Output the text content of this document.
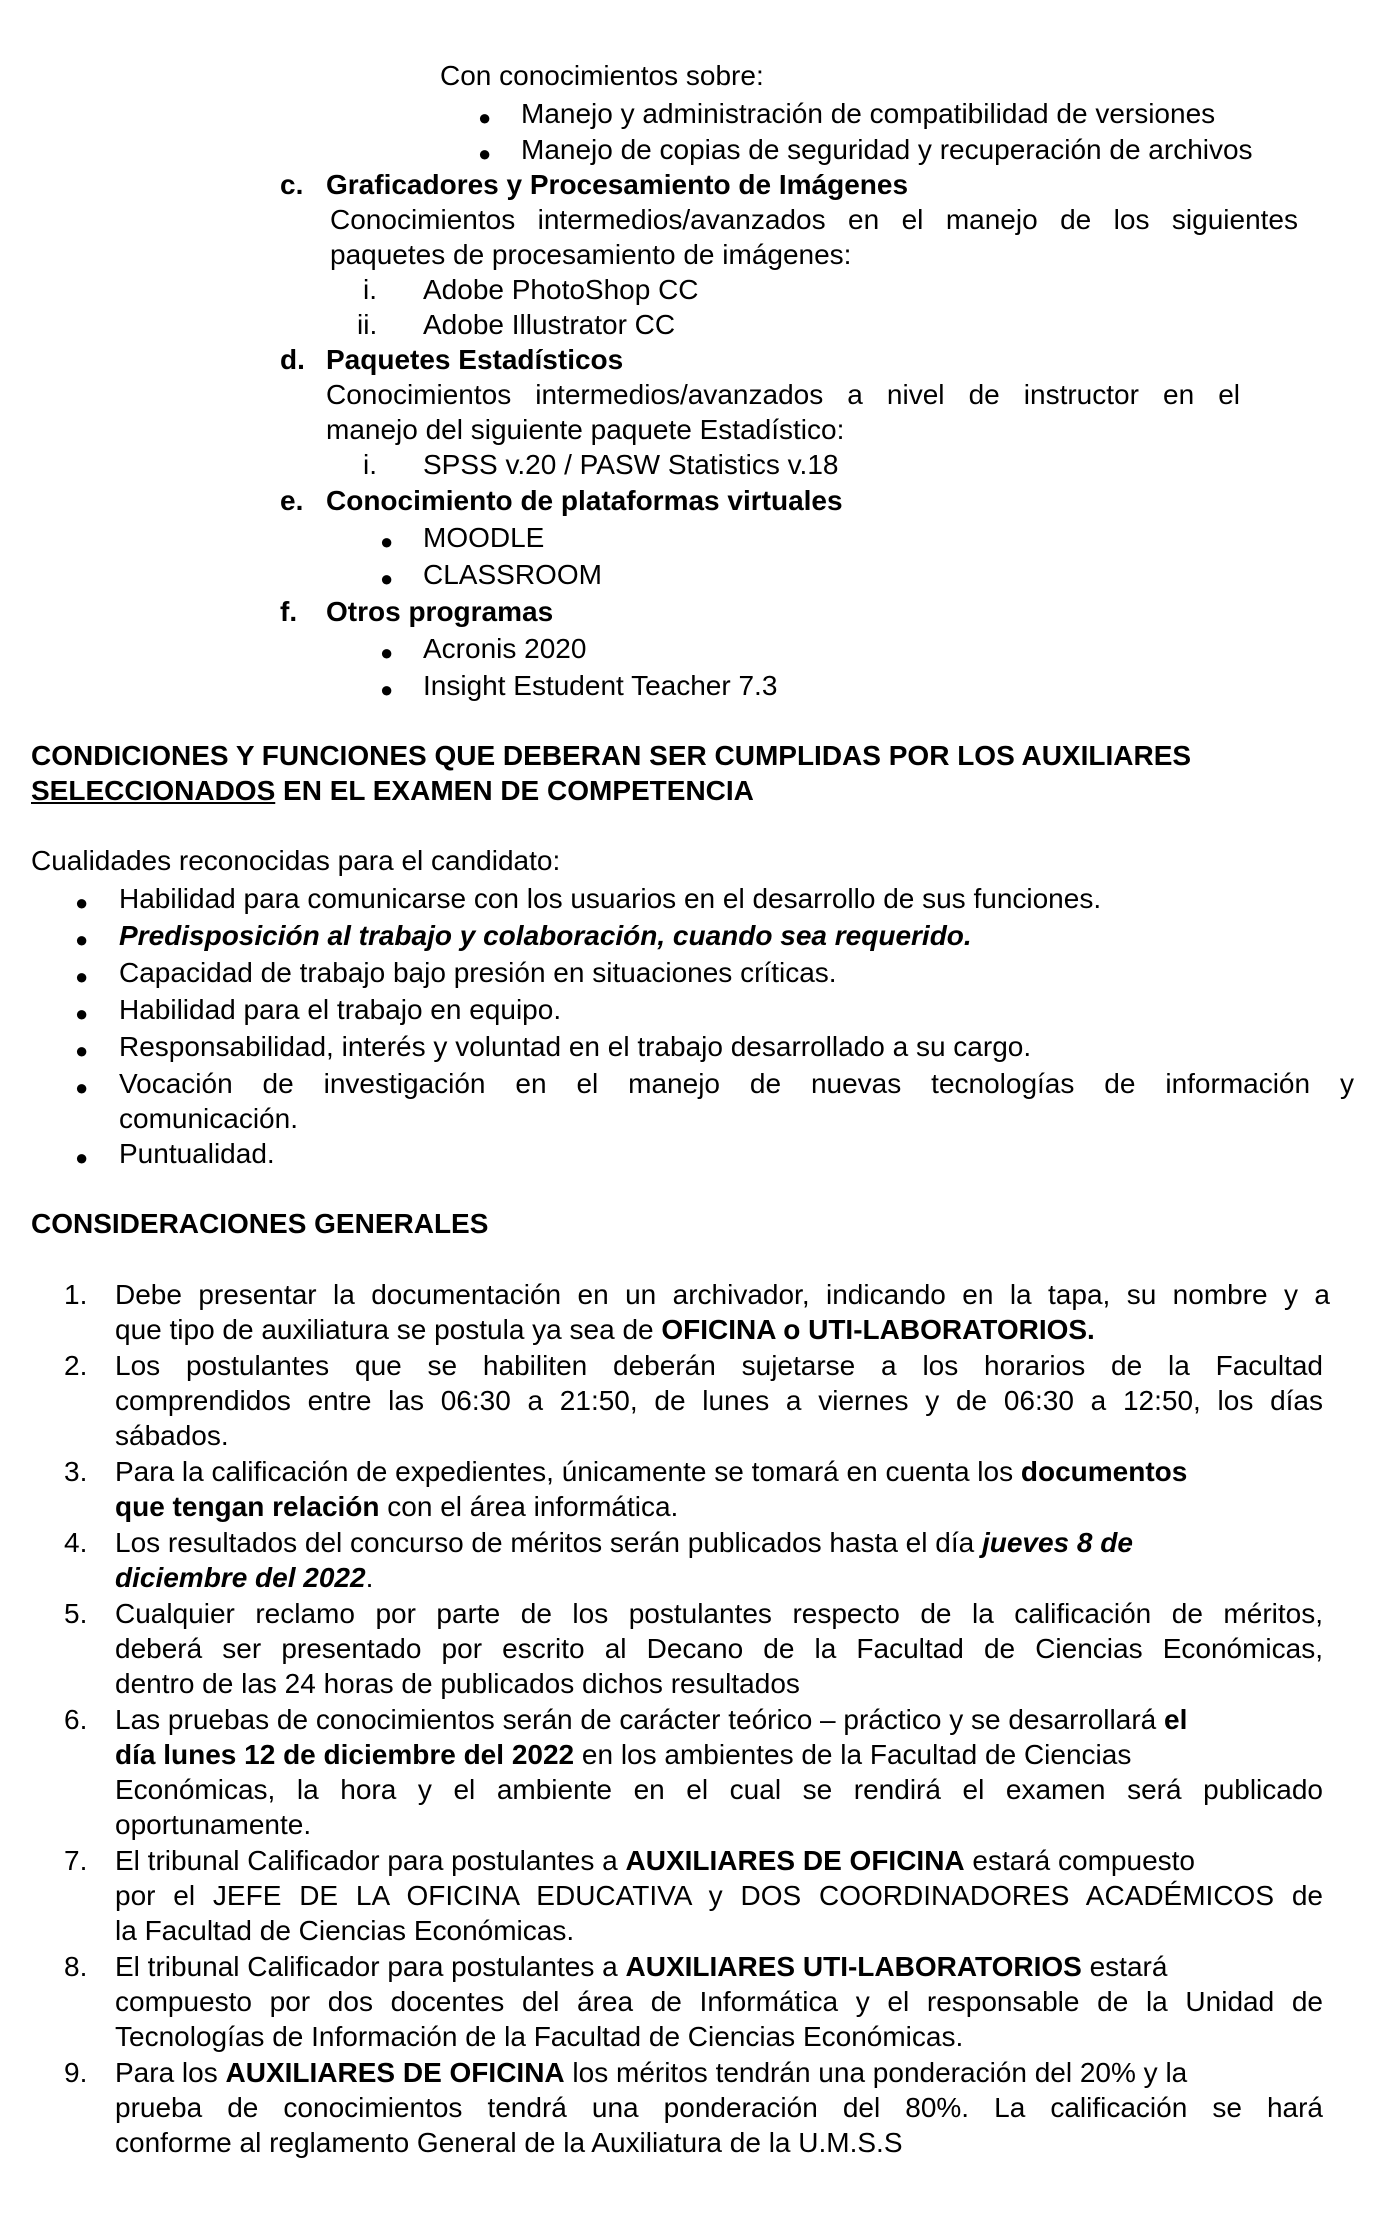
Con conocimientos sobre:
● Manejo y administración de compatibilidad de versiones
● Manejo de copias de seguridad y recuperación de archivos
c. Graficadores y Procesamiento de Imágenes
Conocimientos intermedios/avanzados en el manejo de los siguientes
paquetes de procesamiento de imágenes:
i. Adobe PhotoShop CC
ii. Adobe Illustrator CC
d. Paquetes Estadísticos
Conocimientos intermedios/avanzados a nivel de instructor en el
manejo del siguiente paquete Estadístico:
i. SPSS v.20 / PASW Statistics v.18
e. Conocimiento de plataformas virtuales
● MOODLE
● CLASSROOM
f. Otros programas
● Acronis 2020
● Insight Estudent Teacher 7.3
CONDICIONES Y FUNCIONES QUE DEBERAN SER CUMPLIDAS POR LOS AUXILIARES
SELECCIONADOS EN EL EXAMEN DE COMPETENCIA
Cualidades reconocidas para el candidato:
● Habilidad para comunicarse con los usuarios en el desarrollo de sus funciones.
● Predisposición al trabajo y colaboración, cuando sea requerido.
● Capacidad de trabajo bajo presión en situaciones críticas.
● Habilidad para el trabajo en equipo.
● Responsabilidad, interés y voluntad en el trabajo desarrollado a su cargo.
● Vocación de investigación en el manejo de nuevas tecnologías de información y
comunicación.
● Puntualidad.
CONSIDERACIONES GENERALES
1. Debe presentar la documentación en un archivador, indicando en la tapa, su nombre y a
que tipo de auxiliatura se postula ya sea de OFICINA o UTI-LABORATORIOS.
2. Los postulantes que se habiliten deberán sujetarse a los horarios de la Facultad
comprendidos entre las 06:30 a 21:50, de lunes a viernes y de 06:30 a 12:50, los días
sábados.
3. Para la calificación de expedientes, únicamente se tomará en cuenta los documentos
que tengan relación con el área informática.
4. Los resultados del concurso de méritos serán publicados hasta el día jueves 8 de
diciembre del 2022.
5. Cualquier reclamo por parte de los postulantes respecto de la calificación de méritos,
deberá ser presentado por escrito al Decano de la Facultad de Ciencias Económicas,
dentro de las 24 horas de publicados dichos resultados
6. Las pruebas de conocimientos serán de carácter teórico – práctico y se desarrollará el
día lunes 12 de diciembre del 2022 en los ambientes de la Facultad de Ciencias
Económicas, la hora y el ambiente en el cual se rendirá el examen será publicado
oportunamente.
7. El tribunal Calificador para postulantes a AUXILIARES DE OFICINA estará compuesto
por el JEFE DE LA OFICINA EDUCATIVA y DOS COORDINADORES ACADÉMICOS de
la Facultad de Ciencias Económicas.
8. El tribunal Calificador para postulantes a AUXILIARES UTI-LABORATORIOS estará
compuesto por dos docentes del área de Informática y el responsable de la Unidad de
Tecnologías de Información de la Facultad de Ciencias Económicas.
9. Para los AUXILIARES DE OFICINA los méritos tendrán una ponderación del 20% y la
prueba de conocimientos tendrá una ponderación del 80%. La calificación se hará
conforme al reglamento General de la Auxiliatura de la U.M.S.S
